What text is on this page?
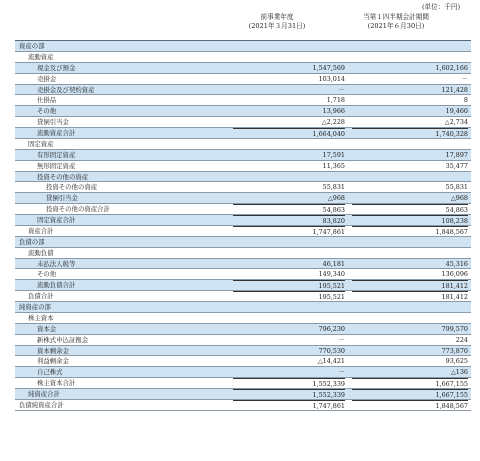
(単位：千円)
前事業年度
(2021年３月31日)
当第１四半期会計期間
(2021年６月30日)
資産の部
流動資産
現金及び預金	1,547,569	1,602,166
売掛金	103,014	－
売掛金及び契約資産	－	121,428
仕掛品	1,718	8
その他	13,966	19,460
貸倒引当金	△2,228	△2,734
流動資産合計	1,664,040	1,740,328
固定資産
有形固定資産	17,591	17,897
無形固定資産	11,365	35,477
投資その他の資産
投資その他の資産	55,831	55,831
貸倒引当金	△968	△968
投資その他の資産合計	54,863	54,863
固定資産合計	83,820	108,238
資産合計	1,747,861	1,848,567
負債の部
流動負債
未払法人税等	46,181	45,316
その他	149,340	136,096
流動負債合計	195,521	181,412
負債合計	195,521	181,412
純資産の部
株主資本
資本金	796,230	799,570
新株式申込証拠金	－	224
資本剰余金	770,530	773,870
利益剰余金	△14,421	93,625
自己株式	－	△136
株主資本合計	1,552,339	1,667,155
純資産合計	1,552,339	1,667,155
負債純資産合計	1,747,861	1,848,567
